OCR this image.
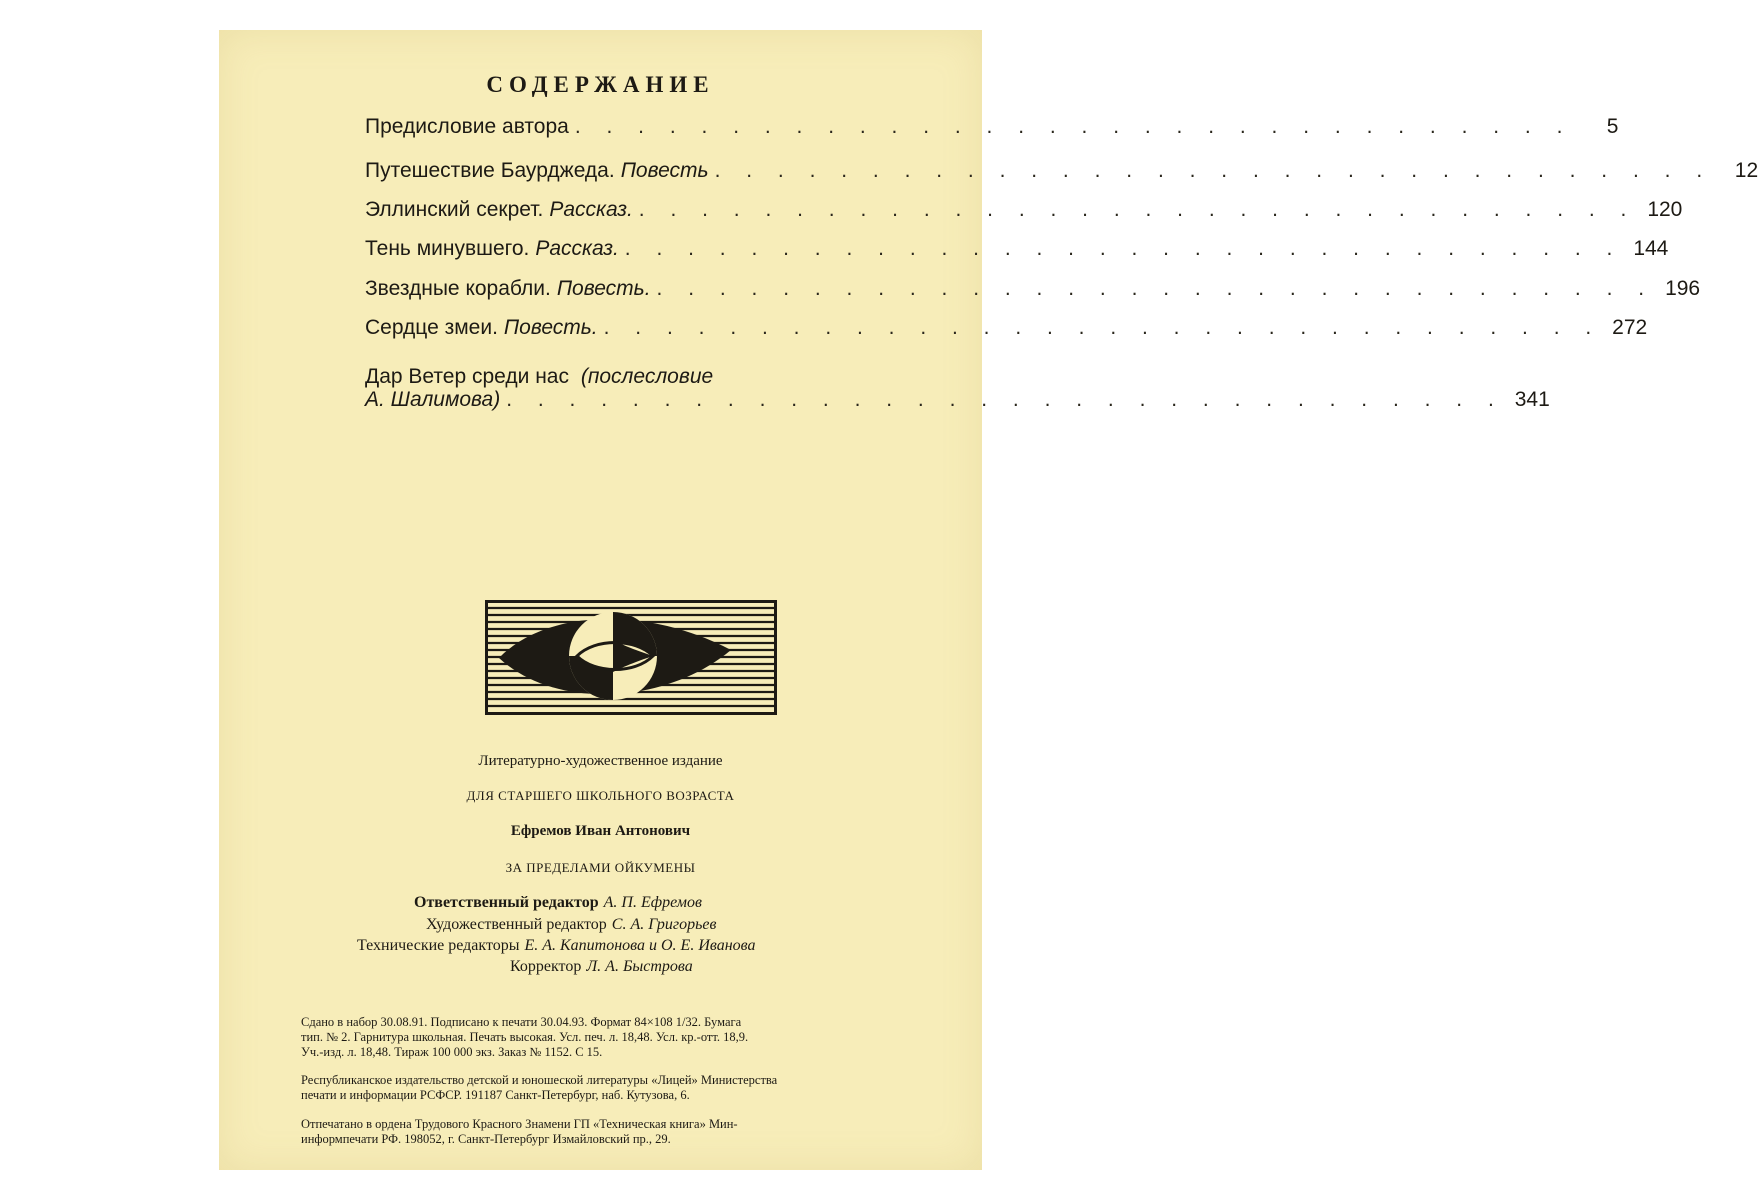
СОДЕРЖАНИЕ
Предисловие автора . . . . . . . . . . . . . . . . . . . . . . . . . . . . . . . .	5
Путешествие Баурджеда. Повесть . . . . . . . . . . . . . . . . . . . . . . . . . . . . . . . .	12
Эллинский секрет. Рассказ. . . . . . . . . . . . . . . . . . . . . . . . . . . . . . . . . 120
Тень минувшего. Рассказ. . . . . . . . . . . . . . . . . . . . . . . . . . . . . . . . . 144
Звездные корабли. Повесть. . . . . . . . . . . . . . . . . . . . . . . . . . . . . . . . . 196
Сердце змеи. Повесть. . . . . . . . . . . . . . . . . . . . . . . . . . . . . . . . . 272
Дар Ветер среди нас (послесловие
А. Шалимова) . . . . . . . . . . . . . . . . . . . . . . . . . . . . . . . . 341
Литературно-художественное издание
ДЛЯ СТАРШЕГО ШКОЛЬНОГО ВОЗРАСТА
Ефремов Иван Антонович
ЗА ПРЕДЕЛАМИ ОЙКУМЕНЫ
Ответственный редактор А. П. Ефремов
Художественный редактор С. А. Григорьев
Технические редакторы Е. А. Капитонова и О. Е. Иванова
Корректор Л. А. Быстрова
Сдано в набор 30.08.91. Подписано к печати 30.04.93. Формат 84×108 1/32. Бумага
тип. № 2. Гарнитура школьная. Печать высокая. Усл. печ. л. 18,48. Усл. кр.-отт. 18,9.
Уч.-изд. л. 18,48. Тираж 100 000 экз. Заказ № 1152. С 15.
Республиканское издательство детской и юношеской литературы «Лицей» Министерства
печати и информации РСФСР. 191187 Санкт-Петербург, наб. Кутузова, 6.
Отпечатано в ордена Трудового Красного Знамени ГП «Техническая книга» Мин-
информпечати РФ. 198052, г. Санкт-Петербург Измайловский пр., 29.
